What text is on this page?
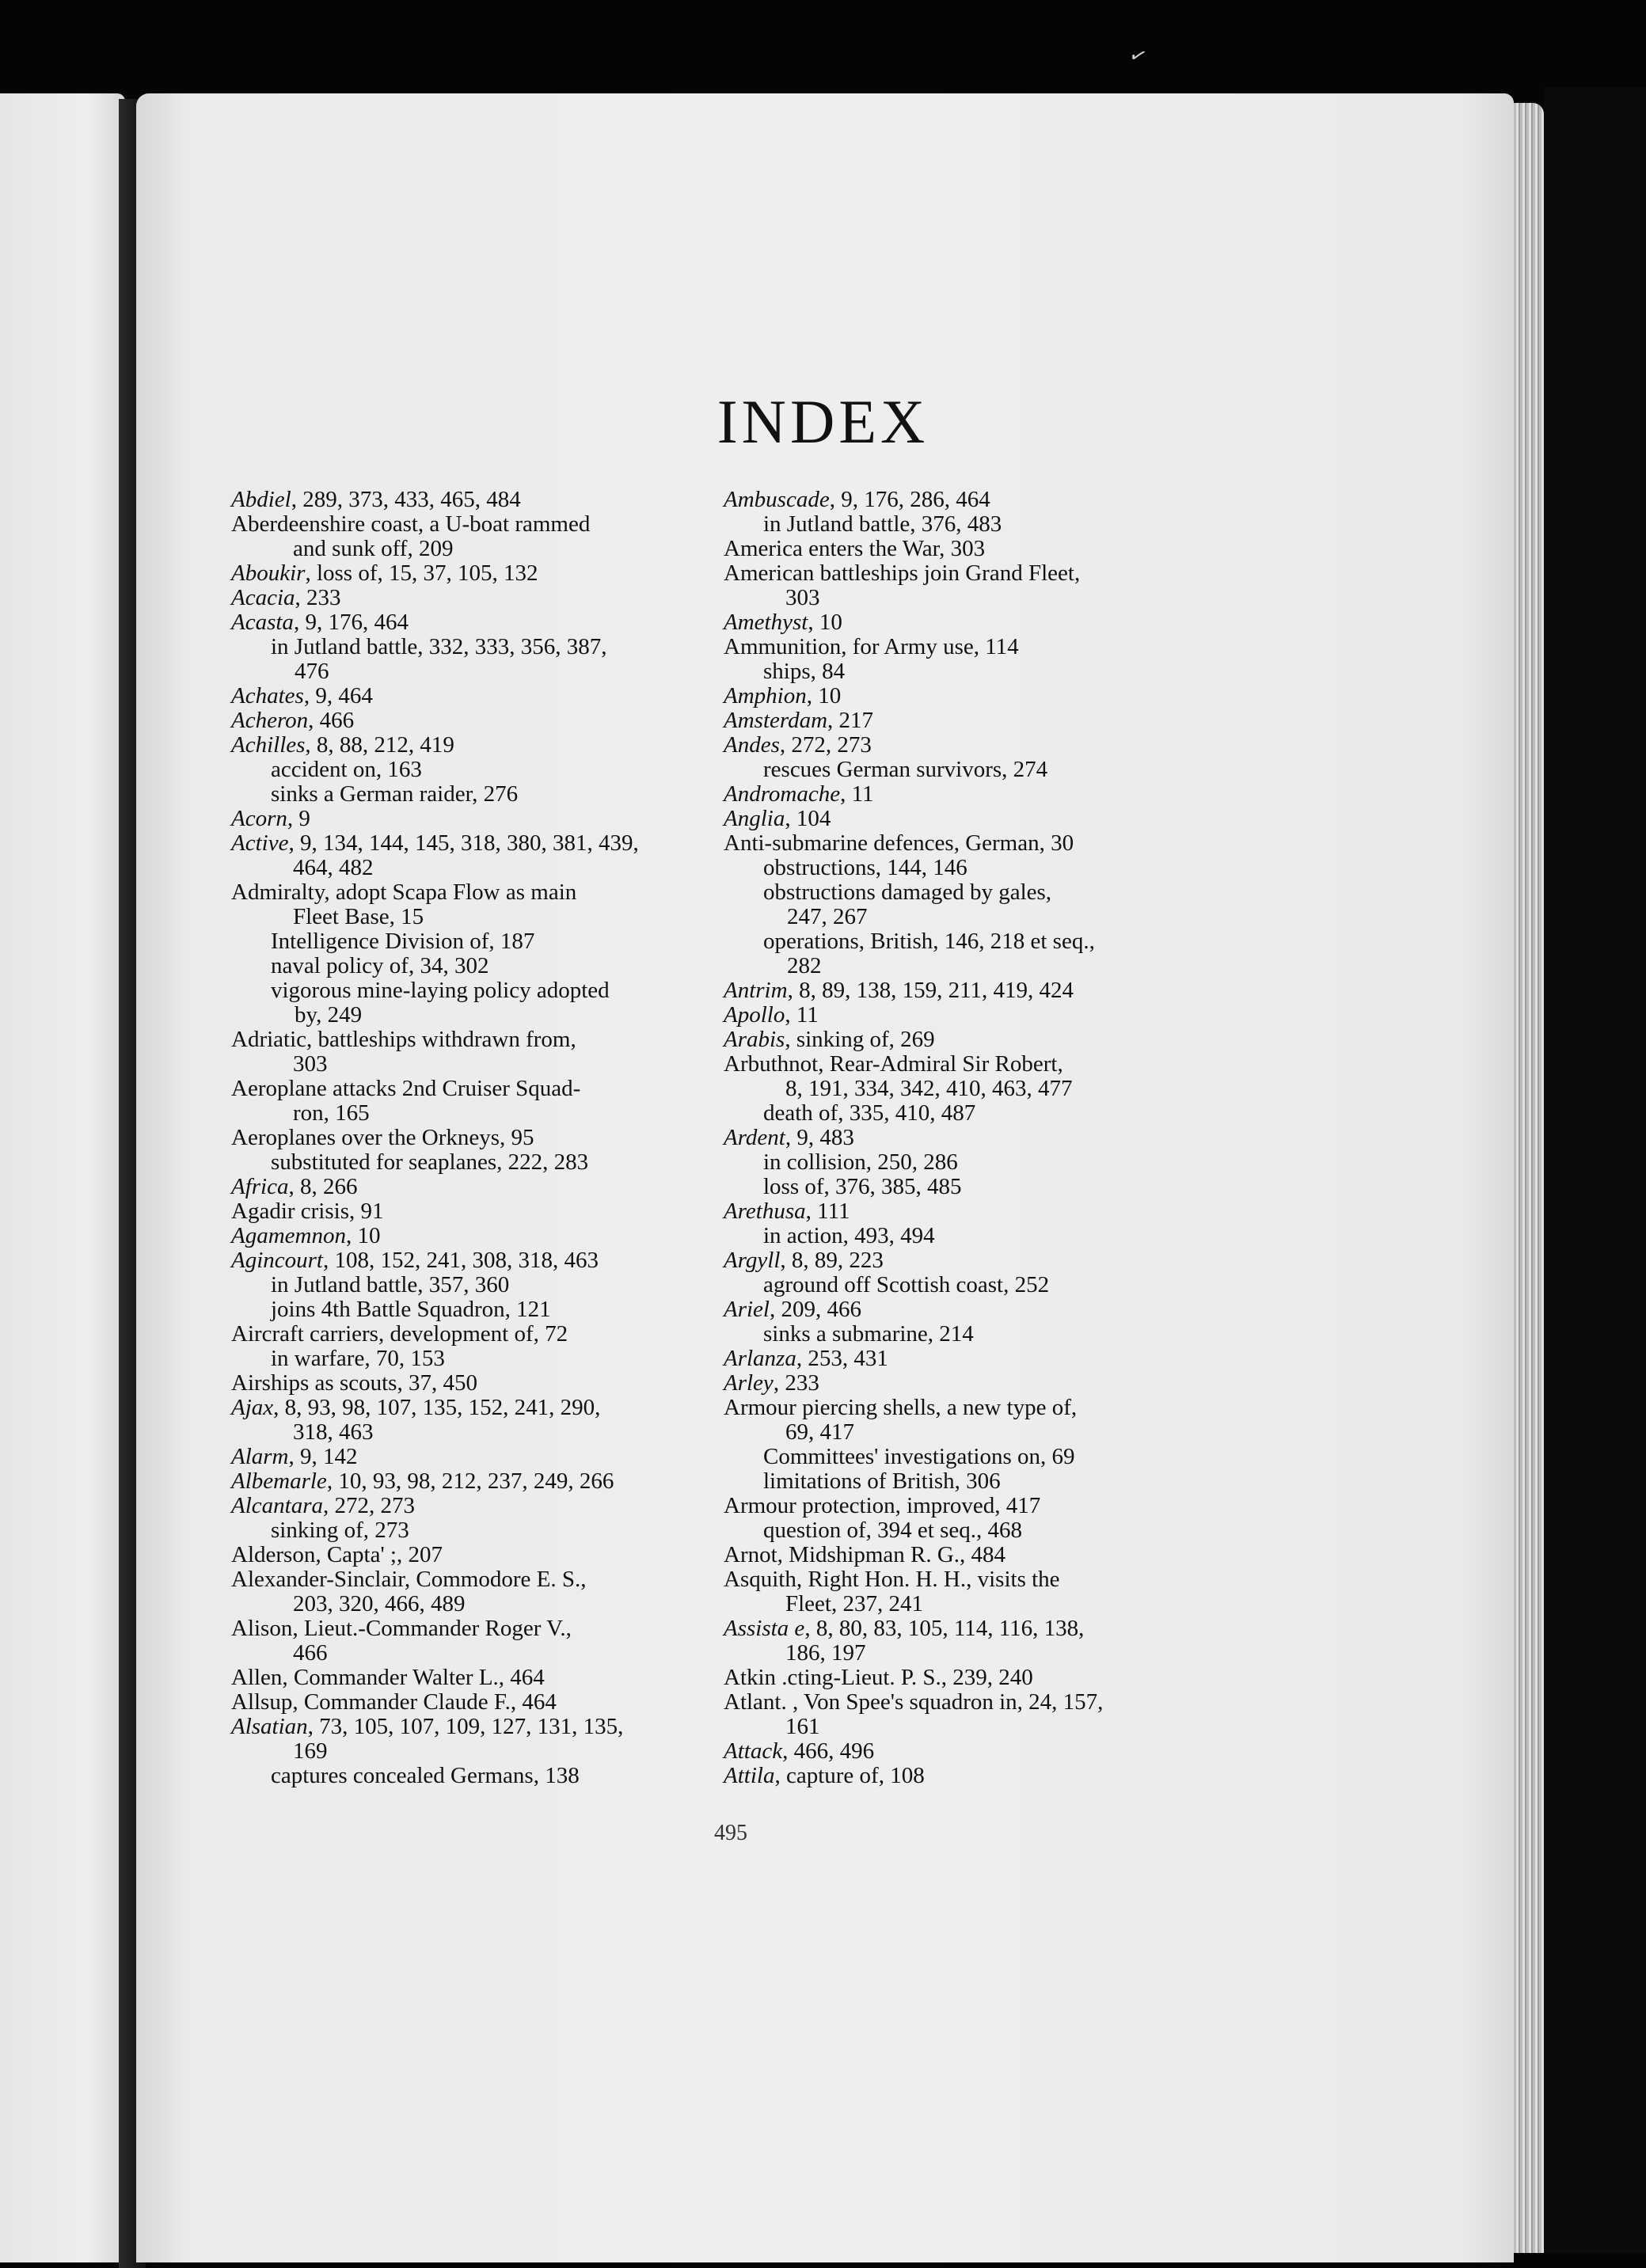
✓
INDEX

Abdiel, 289, 373, 433, 465, 484

Aberdeenshire coast, a U-boat rammed

and sunk off, 209

Aboukir, loss of, 15, 37, 105, 132

Acacia, 233

Acasta, 9, 176, 464

in Jutland battle, 332, 333, 356, 387,

476

Achates, 9, 464

Acheron, 466

Achilles, 8, 88, 212, 419

accident on, 163

sinks a German raider, 276

Acorn, 9

Active, 9, 134, 144, 145, 318, 380, 381, 439,

464, 482

Admiralty, adopt Scapa Flow as main

Fleet Base, 15

Intelligence Division of, 187

naval policy of, 34, 302

vigorous mine-laying policy adopted

by, 249

Adriatic, battleships withdrawn from,

303

Aeroplane attacks 2nd Cruiser Squad-

ron, 165

Aeroplanes over the Orkneys, 95

substituted for seaplanes, 222, 283

Africa, 8, 266

Agadir crisis, 91

Agamemnon, 10

Agincourt, 108, 152, 241, 308, 318, 463

in Jutland battle, 357, 360

joins 4th Battle Squadron, 121

Aircraft carriers, development of, 72

in warfare, 70, 153

Airships as scouts, 37, 450

Ajax, 8, 93, 98, 107, 135, 152, 241, 290,

318, 463

Alarm, 9, 142

Albemarle, 10, 93, 98, 212, 237, 249, 266

Alcantara, 272, 273

sinking of, 273

Alderson, Capta' ;, 207

Alexander-Sinclair, Commodore E. S.,

203, 320, 466, 489

Alison, Lieut.-Commander Roger V.,

466

Allen, Commander Walter L., 464

Allsup, Commander Claude F., 464

Alsatian, 73, 105, 107, 109, 127, 131, 135,

169

captures concealed Germans, 138

Ambuscade, 9, 176, 286, 464

in Jutland battle, 376, 483

America enters the War, 303

American battleships join Grand Fleet,

303

Amethyst, 10

Ammunition, for Army use, 114

ships, 84

Amphion, 10

Amsterdam, 217

Andes, 272, 273

rescues German survivors, 274

Andromache, 11

Anglia, 104

Anti-submarine defences, German, 30

obstructions, 144, 146

obstructions damaged by gales,

247, 267

operations, British, 146, 218 et seq.,

282

Antrim, 8, 89, 138, 159, 211, 419, 424

Apollo, 11

Arabis, sinking of, 269

Arbuthnot, Rear-Admiral Sir Robert,

8, 191, 334, 342, 410, 463, 477

death of, 335, 410, 487

Ardent, 9, 483

in collision, 250, 286

loss of, 376, 385, 485

Arethusa, 111

in action, 493, 494

Argyll, 8, 89, 223

aground off Scottish coast, 252

Ariel, 209, 466

sinks a submarine, 214

Arlanza, 253, 431

Arley, 233

Armour piercing shells, a new type of,

69, 417

Committees' investigations on, 69

limitations of British, 306

Armour protection, improved, 417

question of, 394 et seq., 468

Arnot, Midshipman R. G., 484

Asquith, Right Hon. H. H., visits the

Fleet, 237, 241

Assista e, 8, 80, 83, 105, 114, 116, 138,

186, 197

Atkin .cting-Lieut. P. S., 239, 240

Atlant. , Von Spee's squadron in, 24, 157,

161

Attack, 466, 496

Attila, capture of, 108

495
